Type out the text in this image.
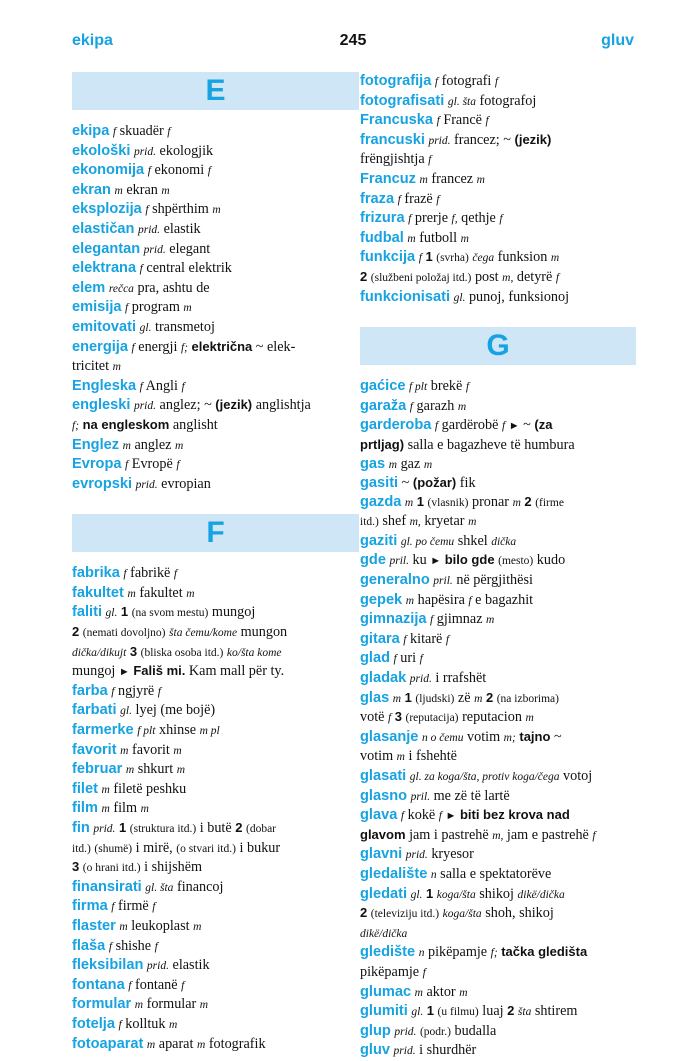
245
ekipa	gluv
E

ekipa f skuadër f

ekološki prid. ekologjik

ekonomija f ekonomi f

ekran m ekran m

eksplozija f shpërthim m

elastičan prid. elastik

elegantan prid. elegant

elektrana f central elektrik

elem rečca pra, ashtu de

emisija f program m

emitovati gl. transmetoj

energija f energji f; električna ~ elek-

tricitet m

Engleska f Angli f

engleski prid. anglez; ~ (jezik) anglishtja

f; na engleskom anglisht

Englez m anglez m

Evropa f Evropë f

evropski prid. evropian

F

fabrika f fabrikë f

fakultet m fakultet m

faliti gl. 1 (na svom mestu) mungoj

2 (nemati dovoljno) šta čemu/kome mungon

dička/dikujt 3 (bliska osoba itd.) ko/šta kome

mungoj ► Fališ mi. Kam mall për ty.

farba f ngjyrë f

farbati gl. lyej (me bojë)

farmerke f plt xhinse m pl

favorit m favorit m

februar m shkurt m

filet m filetë peshku

film m film m

fin prid. 1 (struktura itd.) i butë 2 (dobar

itd.) (shumë) i mirë, (o stvari itd.) i bukur

3 (o hrani itd.) i shijshëm

finansirati gl. šta financoj

firma f firmë f

flaster m leukoplast m

flaša f shishe f

fleksibilan prid. elastik

fontana f fontanë f

formular m formular m

fotelja f kolltuk m

fotoaparat m aparat m fotografik

fotografija f fotografi f

fotografisati gl. šta fotografoj

Francuska f Francë f

francuski prid. francez; ~ (jezik)

frëngjishtja f

Francuz m francez m

fraza f frazë f

frizura f prerje f, qethje f

fudbal m futboll m

funkcija f 1 (svrha) čega funksion m

2 (službeni položaj itd.) post m, detyrë f

funkcionisati gl. punoj, funksionoj

G

gaćice f plt brekë f

garaža f garazh m

garderoba f gardërobë f ► ~ (za

prtljag) salla e bagazheve të humbura

gas m gaz m

gasiti ~ (požar) fik

gazda m 1 (vlasnik) pronar m 2 (firme

itd.) shef m, kryetar m

gaziti gl. po čemu shkel dička

gde pril. ku ► bilo gde (mesto) kudo

generalno pril. në përgjithësi

gepek m hapësira f e bagazhit

gimnazija f gjimnaz m

gitara f kitarë f

glad f uri f

gladak prid. i rrafshët

glas m 1 (ljudski) zë m 2 (na izborima)

votë f 3 (reputacija) reputacion m

glasanje n o čemu votim m; tajno ~

votim m i fshehtë

glasati gl. za koga/šta, protiv koga/čega votoj

glasno pril. me zë të lartë

glava f kokë f ► biti bez krova nad

glavom jam i pastrehë m, jam e pastrehë f

glavni prid. kryesor

gledalište n salla e spektatorëve

gledati gl. 1 koga/šta shikoj dikë/dička

2 (televiziju itd.) koga/šta shoh, shikoj

dikë/dička

gledište n pikëpamje f; tačka gledišta

pikëpamje f

glumac m aktor m

glumiti gl. 1 (u filmu) luaj 2 šta shtirem

glup prid. (podr.) budalla

gluv prid. i shurdhër
